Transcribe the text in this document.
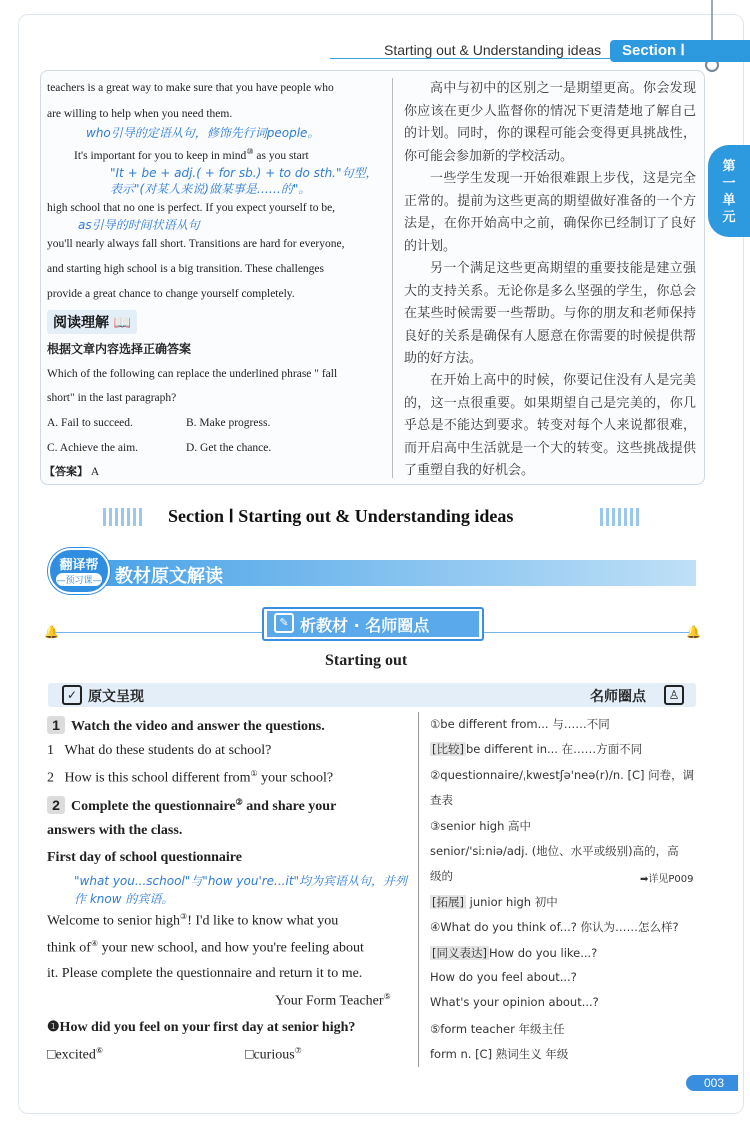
Starting out & Understanding ideas	Section Ⅰ
第
一
单
元
teachers is a great way to make sure that you have people who
are willing to help when you need them.
who引导的定语从句，修饰先行词people。
It's important for you to keep in mind⑩ as you start
"It + be + adj.( + for sb.) + to do sth."句型，
表示"(对某人来说)做某事是……的"。
high school that no one is perfect. If you expect yourself to be,
as引导的时间状语从句
you'll nearly always fall short. Transitions are hard for everyone,
and starting high school is a big transition. These challenges
provide a great chance to change yourself completely.
阅读理解 📖
根据文章内容选择正确答案
Which of the following can replace the underlined phrase " fall
short" in the last paragraph?
A. Fail to succeed.	B. Make progress.
C. Achieve the aim.	D. Get the chance.
【答案】 A
高中与初中的区别之一是期望更高。你会发现你应该在更少人监督你的情况下更清楚地了解自己的计划。同时，你的课程可能会变得更具挑战性，你可能会参加新的学校活动。
一些学生发现一开始很难跟上步伐，这是完全正常的。提前为这些更高的期望做好准备的一个方法是，在你开始高中之前，确保你已经制订了良好的计划。
另一个满足这些更高期望的重要技能是建立强大的支持关系。无论你是多么坚强的学生，你总会在某些时候需要一些帮助。与你的朋友和老师保持良好的关系是确保有人愿意在你需要的时候提供帮助的好方法。
在开始上高中的时候，你要记住没有人是完美的，这一点很重要。如果期望自己是完美的，你几乎总是不能达到要求。转变对每个人来说都很难，而开启高中生活就是一个大的转变。这些挑战提供了重塑自我的好机会。
Section Ⅰ Starting out & Understanding ideas
翻译帮
—预习课— 教材原文解读
🔔	🔔
✎ 析教材 · 名师圈点
Starting out
✓ 原文呈现	名师圈点	♙
1 Watch the video and answer the questions.
1 What do these students do at school?
2 How is this school different from① your school?
2 Complete the questionnaire② and share your
answers with the class.
First day of school questionnaire
"what you...school"与"how you're...it"均为宾语从句，并列
作 know 的宾语。
Welcome to senior high③! I'd like to know what you
think of④ your new school, and how you're feeling about
it. Please complete the questionnaire and return it to me.
Your Form Teacher⑤
❶How did you feel on your first day at senior high?
□excited⑥	□curious⑦
①be different from... 与……不同
[比较] be different in... 在……方面不同
②questionnaire/ˌkwestʃə'neə(r)/n. [C] 问卷，调
查表
③senior high 高中
senior/'siːniə/adj. (地位、水平或级别)高的，高
级的	➡详见P009
[拓展] junior high 初中
④What do you think of...? 你认为……怎么样?
[同义表达] How do you like...?
How do you feel about...?
What's your opinion about...?
⑤form teacher 年级主任
form n. [C] 熟词生义 年级
003
